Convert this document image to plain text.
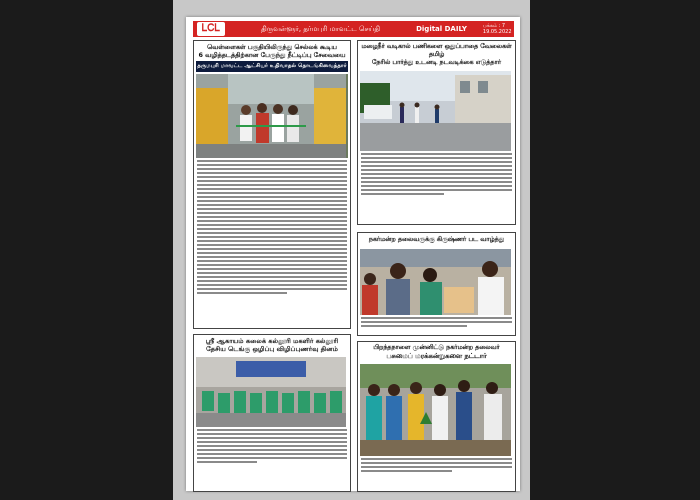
ᏞᏟᏞ	திருவள்ளூர், தர்மபுரி மாவட்ட செய்தி	Digital DAILY	பக்கம் : 7
19.05.2022
வெள்ளைகள் பகுதியிலிருந்து செல்லக் கூடிய
6 வழித்தடத்திற்கான பேருந்து நீட்டிப்பு சேவையை
தருமபுரி மாவட்ட ஆட்சியர் உதிவாதல் தொடங்கிவைத்தார்
மழைநீர் வடிகால் பணிகளை ஒதுப்பாதை வேலைகள் தமிழ்
நேரில் பார்த்து உடனடி நடவடிக்கை எடுத்தார்
நகர்மன்ற தலைவருக்கு கிருஷ்ணர் பட வாழ்த்து
ஸ்ரீ ஆகாயம் கலைக் கல்லூரி மகளிர் கல்லூரி
தேசிய டெங்கு ஒழிப்பு விழிப்புணர்வு தினம்	பிறந்தநாளை முன்னிட்டு நகர்மன்ற தலைவர்
பசுமைப் மரக்கன்றுகளை நட்டார்
